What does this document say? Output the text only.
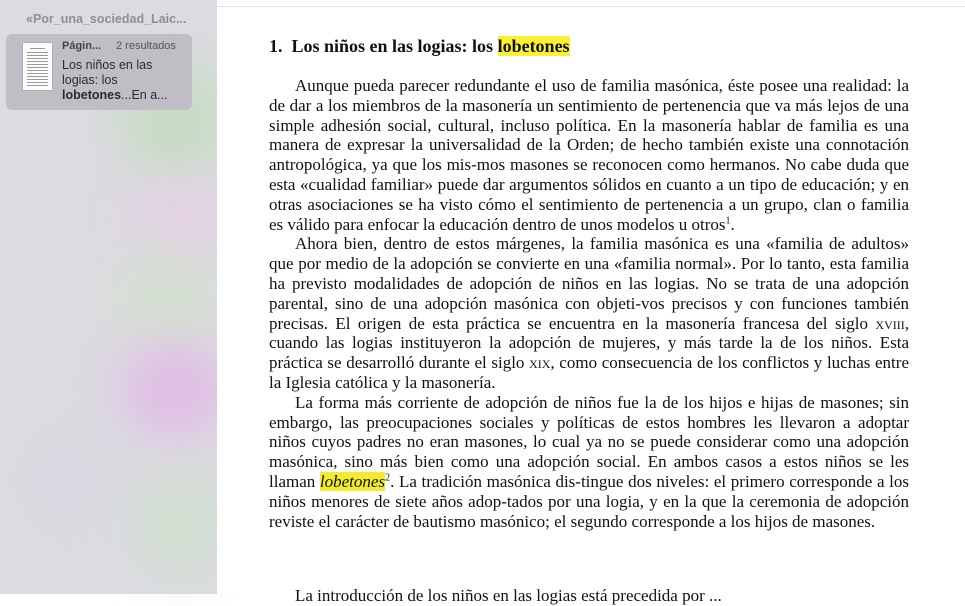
«Por_una_sociedad_Laic...
Págin...	2 resultados
Los niños en las logias: los lobetones...En a...
1. Los niños en las logias: los lobetones

Aunque pueda parecer redundante el uso de familia masónica, éste posee una realidad: la de dar a los miembros de la masonería un sentimiento de pertenencia que va más lejos de una simple adhesión social, cultural, incluso política. En la masonería hablar de familia es una manera de expresar la universalidad de la Orden; de hecho también existe una connotación antropológica, ya que los mis-mos masones se reconocen como hermanos. No cabe duda que esta «cualidad familiar» puede dar argumentos sólidos en cuanto a un tipo de educación; y en otras asociaciones se ha visto cómo el sentimiento de pertenencia a un grupo, clan o familia es válido para enfocar la educación dentro de unos modelos u otros$^1$.

Ahora bien, dentro de estos márgenes, la familia masónica es una «familia de adultos» que por medio de la adopción se convierte en una «familia normal». Por lo tanto, esta familia ha previsto modalidades de adopción de niños en las logias. No se trata de una adopción parental, sino de una adopción masónica con objeti-vos precisos y con funciones también precisas. El origen de esta práctica se encuentra en la masonería francesa del siglo xviii, cuando las logias instituyeron la adopción de mujeres, y más tarde la de los niños. Esta práctica se desarrolló durante el siglo xix, como consecuencia de los conflictos y luchas entre la Iglesia católica y la masonería.

La forma más corriente de adopción de niños fue la de los hijos e hijas de masones; sin embargo, las preocupaciones sociales y políticas de estos hombres les llevaron a adoptar niños cuyos padres no eran masones, lo cual ya no se puede considerar como una adopción masónica, sino más bien como una adopción social. En ambos casos a estos niños se les llaman lobetones$^2$. La tradición masónica dis-tingue dos niveles: el primero corresponde a los niños menores de siete años adop-tados por una logia, y en la que la ceremonia de adopción reviste el carácter de bautismo masónico; el segundo corresponde a los hijos de masones.

La introducción de los niños en las logias está precedida por ...
